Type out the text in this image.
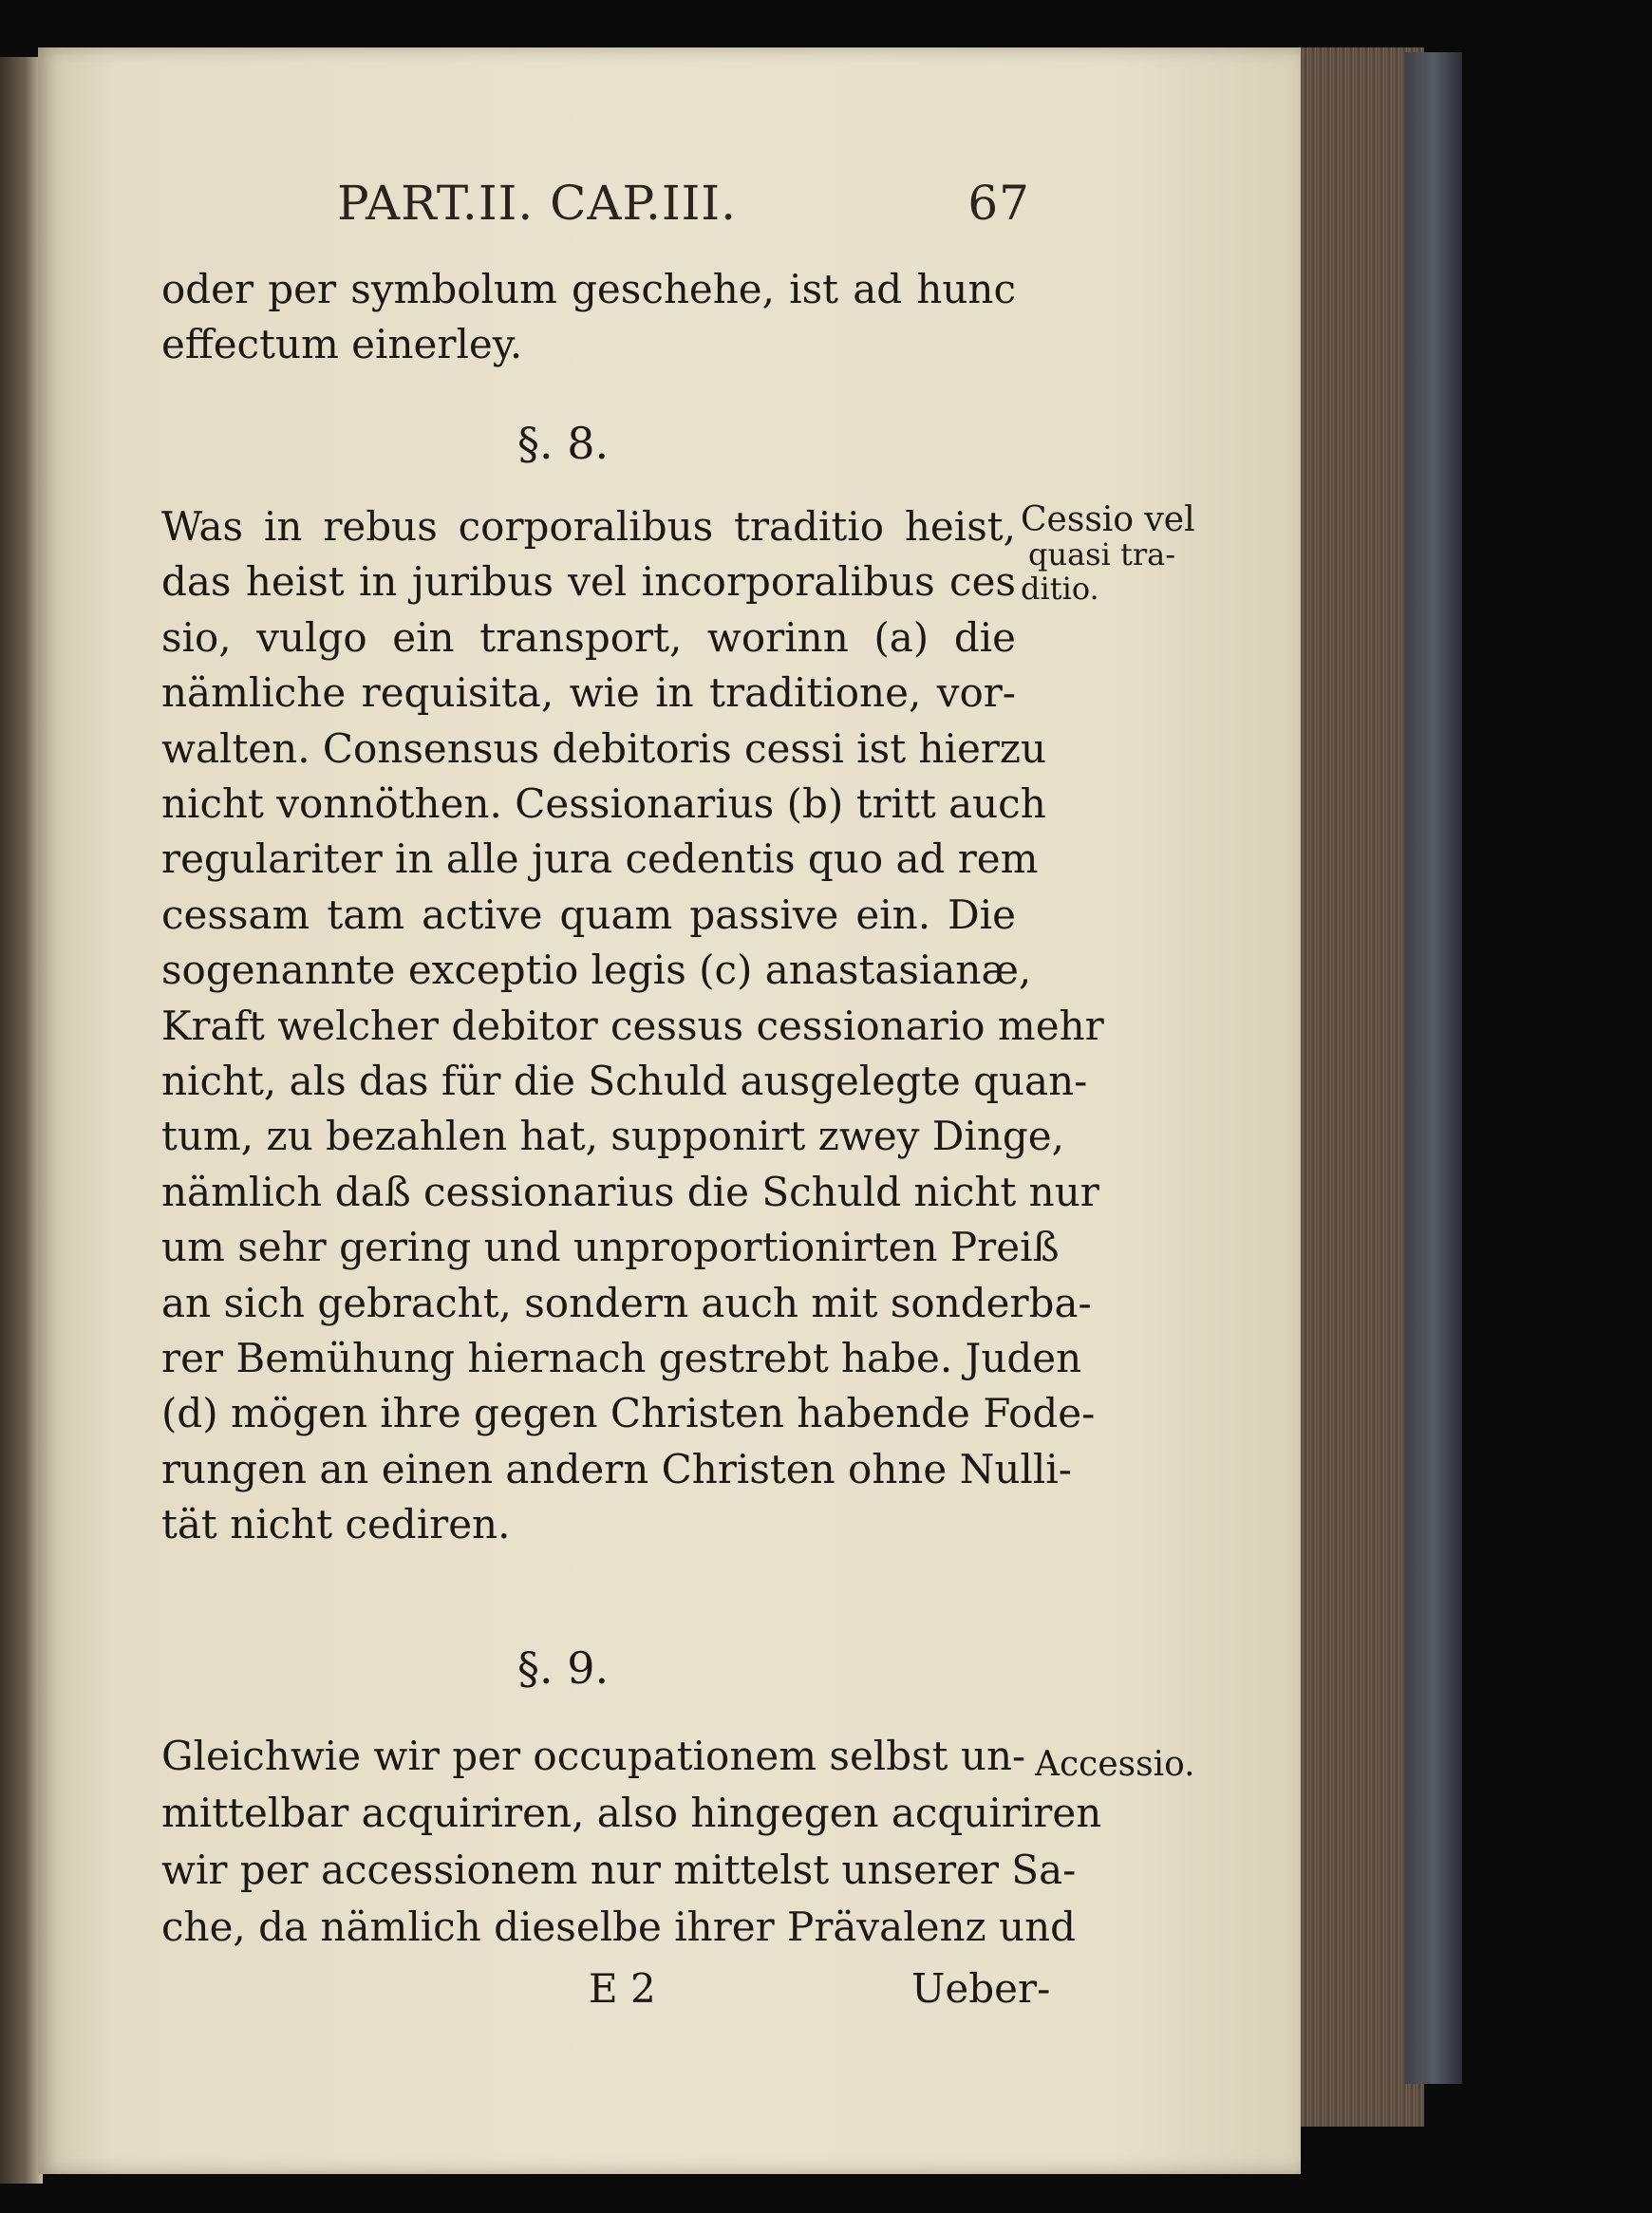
PART.II. CAP.III.	67
oder per symbolum geschehe, ist ad hunc
effectum einerley.
§. 8.
Was in rebus corporalibus traditio heist,
das heist in juribus vel incorporalibus ces
sio, vulgo ein transport, worinn (a) die
nämliche requisita, wie in traditione, vor-
walten. Consensus debitoris cessi ist hierzu
nicht vonnöthen. Cessionarius (b) tritt auch
regulariter in alle jura cedentis quo ad rem
cessam tam active quam passive ein. Die
sogenannte exceptio legis (c) anastasianæ,
Kraft welcher debitor cessus cessionario mehr
nicht, als das für die Schuld ausgelegte quan-
tum, zu bezahlen hat, supponirt zwey Dinge,
nämlich daß cessionarius die Schuld nicht nur
um sehr gering und unproportionirten Preiß
an sich gebracht, sondern auch mit sonderba-
rer Bemühung hiernach gestrebt habe. Juden
(d) mögen ihre gegen Christen habende Fode-
rungen an einen andern Christen ohne Nulli-
tät nicht cediren.
Cessio vel
quasi tra-
ditio.
§. 9.
Gleichwie wir per occupationem selbst un-
mittelbar acquiriren, also hingegen acquiriren
wir per accessionem nur mittelst unserer Sa-
che, da nämlich dieselbe ihrer Prävalenz und
Accessio.
E 2	Ueber-
